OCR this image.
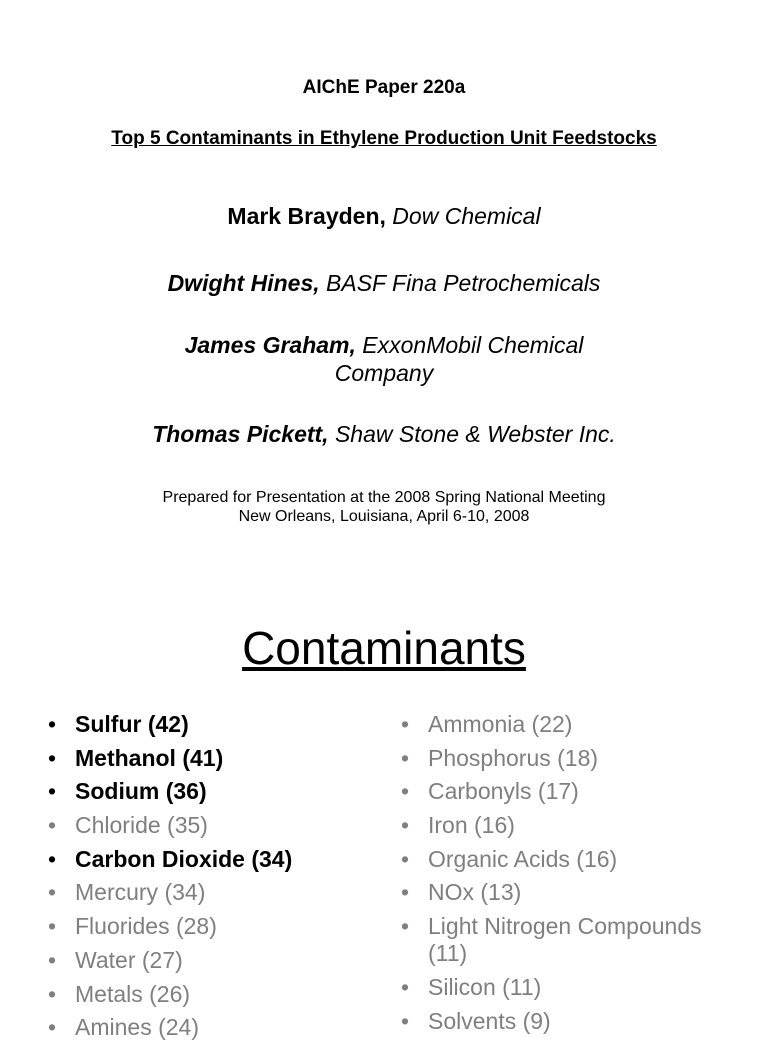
AIChE Paper 220a
Top 5 Contaminants in Ethylene Production Unit Feedstocks
Mark Brayden, Dow Chemical
Dwight Hines, BASF Fina Petrochemicals
James Graham, ExxonMobil Chemical Company
Thomas Pickett, Shaw Stone & Webster Inc.
Prepared for Presentation at the 2008 Spring National Meeting
New Orleans, Louisiana, April 6-10, 2008
Contaminants
• Sulfur (42)
• Methanol (41)
• Sodium (36)
• Chloride (35)
• Carbon Dioxide (34)
• Mercury (34)
• Fluorides (28)
• Water (27)
• Metals (26)
• Amines (24)
• Ammonia (22)
• Phosphorus (18)
• Carbonyls (17)
• Iron (16)
• Organic Acids (16)
• NOx (13)
• Light Nitrogen Compounds (11)
• Silicon (11)
• Solvents (9)
